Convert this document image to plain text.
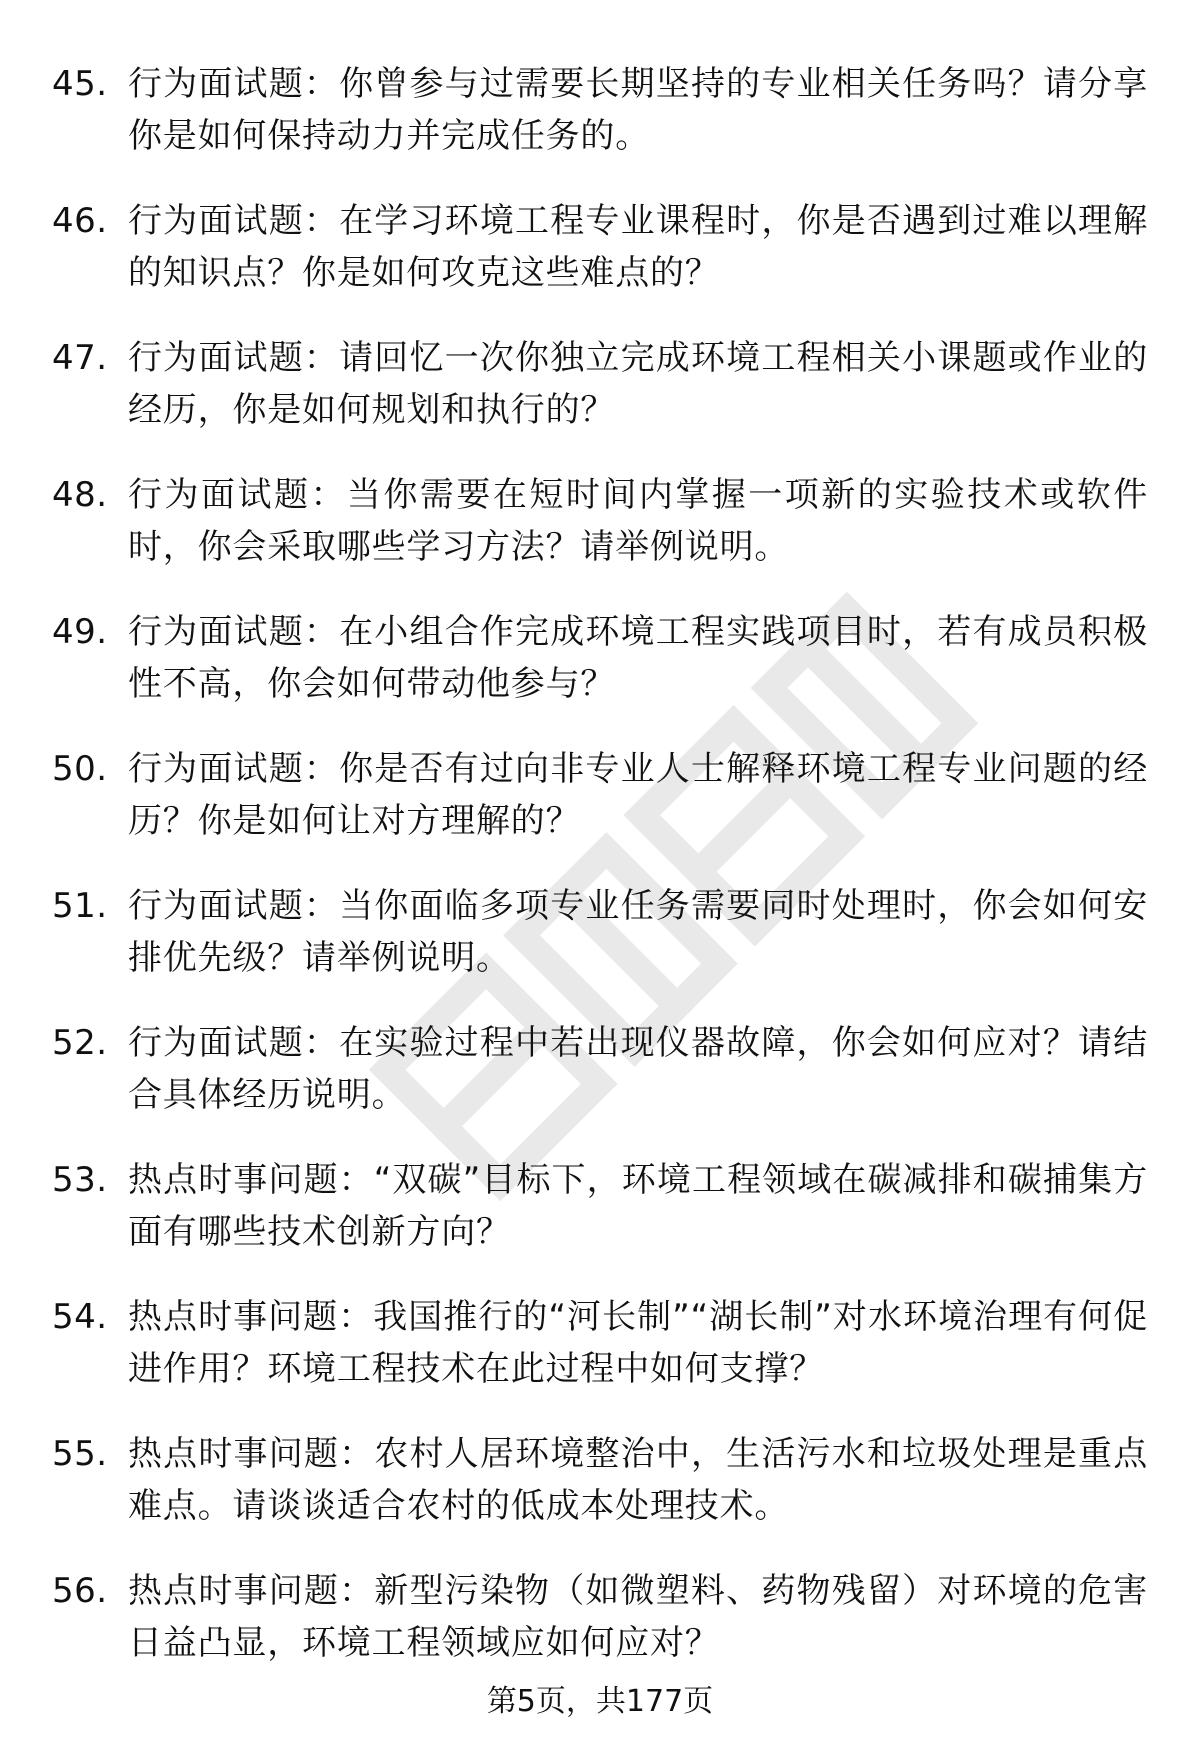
45. 行为面试题：你曾参与过需要长期坚持的专业相关任务吗？请分享你是如何保持动力并完成任务的。
46. 行为面试题：在学习环境工程专业课程时，你是否遇到过难以理解的知识点？你是如何攻克这些难点的？
47. 行为面试题：请回忆一次你独立完成环境工程相关小课题或作业的经历，你是如何规划和执行的？
48. 行为面试题：当你需要在短时间内掌握一项新的实验技术或软件时，你会采取哪些学习方法？请举例说明。
49. 行为面试题：在小组合作完成环境工程实践项目时，若有成员积极性不高，你会如何带动他参与？
50. 行为面试题：你是否有过向非专业人士解释环境工程专业问题的经历？你是如何让对方理解的？
51. 行为面试题：当你面临多项专业任务需要同时处理时，你会如何安排优先级？请举例说明。
52. 行为面试题：在实验过程中若出现仪器故障，你会如何应对？请结合具体经历说明。
53. 热点时事问题：“双碳”目标下，环境工程领域在碳减排和碳捕集方面有哪些技术创新方向？
54. 热点时事问题：我国推行的“河长制”“湖长制”对水环境治理有何促进作用？环境工程技术在此过程中如何支撑？
55. 热点时事问题：农村人居环境整治中，生活污水和垃圾处理是重点难点。请谈谈适合农村的低成本处理技术。
56. 热点时事问题：新型污染物（如微塑料、药物残留）对环境的危害日益凸显，环境工程领域应如何应对？
第5页，共177页
